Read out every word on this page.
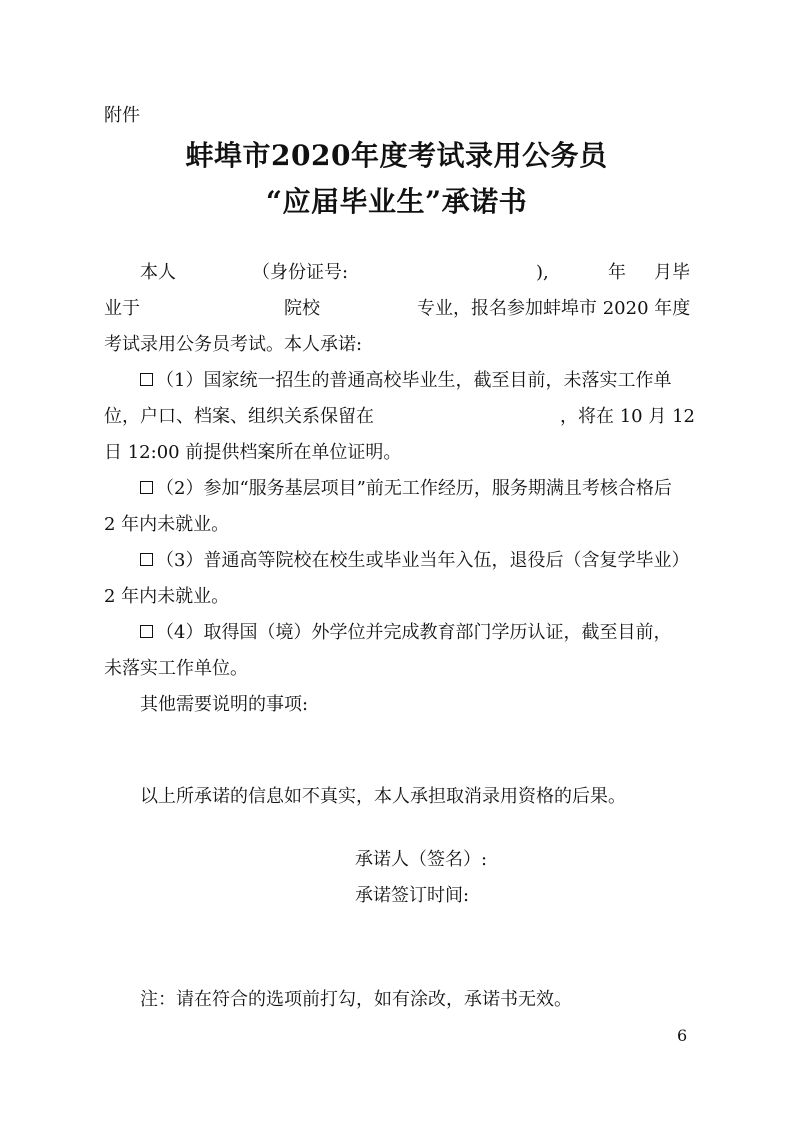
附件
蚌埠市2020年度考试录用公务员
“应届毕业生”承诺书
本人	（身份证号:	),	年 月毕
业于	院校	专业，报名参加蚌埠市 2020 年度
考试录用公务员考试。本人承诺:
（1）国家统一招生的普通高校毕业生，截至目前，未落实工作单
位，户口、档案、组织关系保留在	，将在 10 月 12
日 12:00 前提供档案所在单位证明。
（2）参加“服务基层项目”前无工作经历，服务期满且考核合格后
2 年内未就业。
（3）普通高等院校在校生或毕业当年入伍，退役后（含复学毕业）
2 年内未就业。
（4）取得国（境）外学位并完成教育部门学历认证，截至目前，
未落实工作单位。
其他需要说明的事项:
以上所承诺的信息如不真实，本人承担取消录用资格的后果。
承诺人（签名）:
承诺签订时间:
注：请在符合的选项前打勾，如有涂改，承诺书无效。
6
